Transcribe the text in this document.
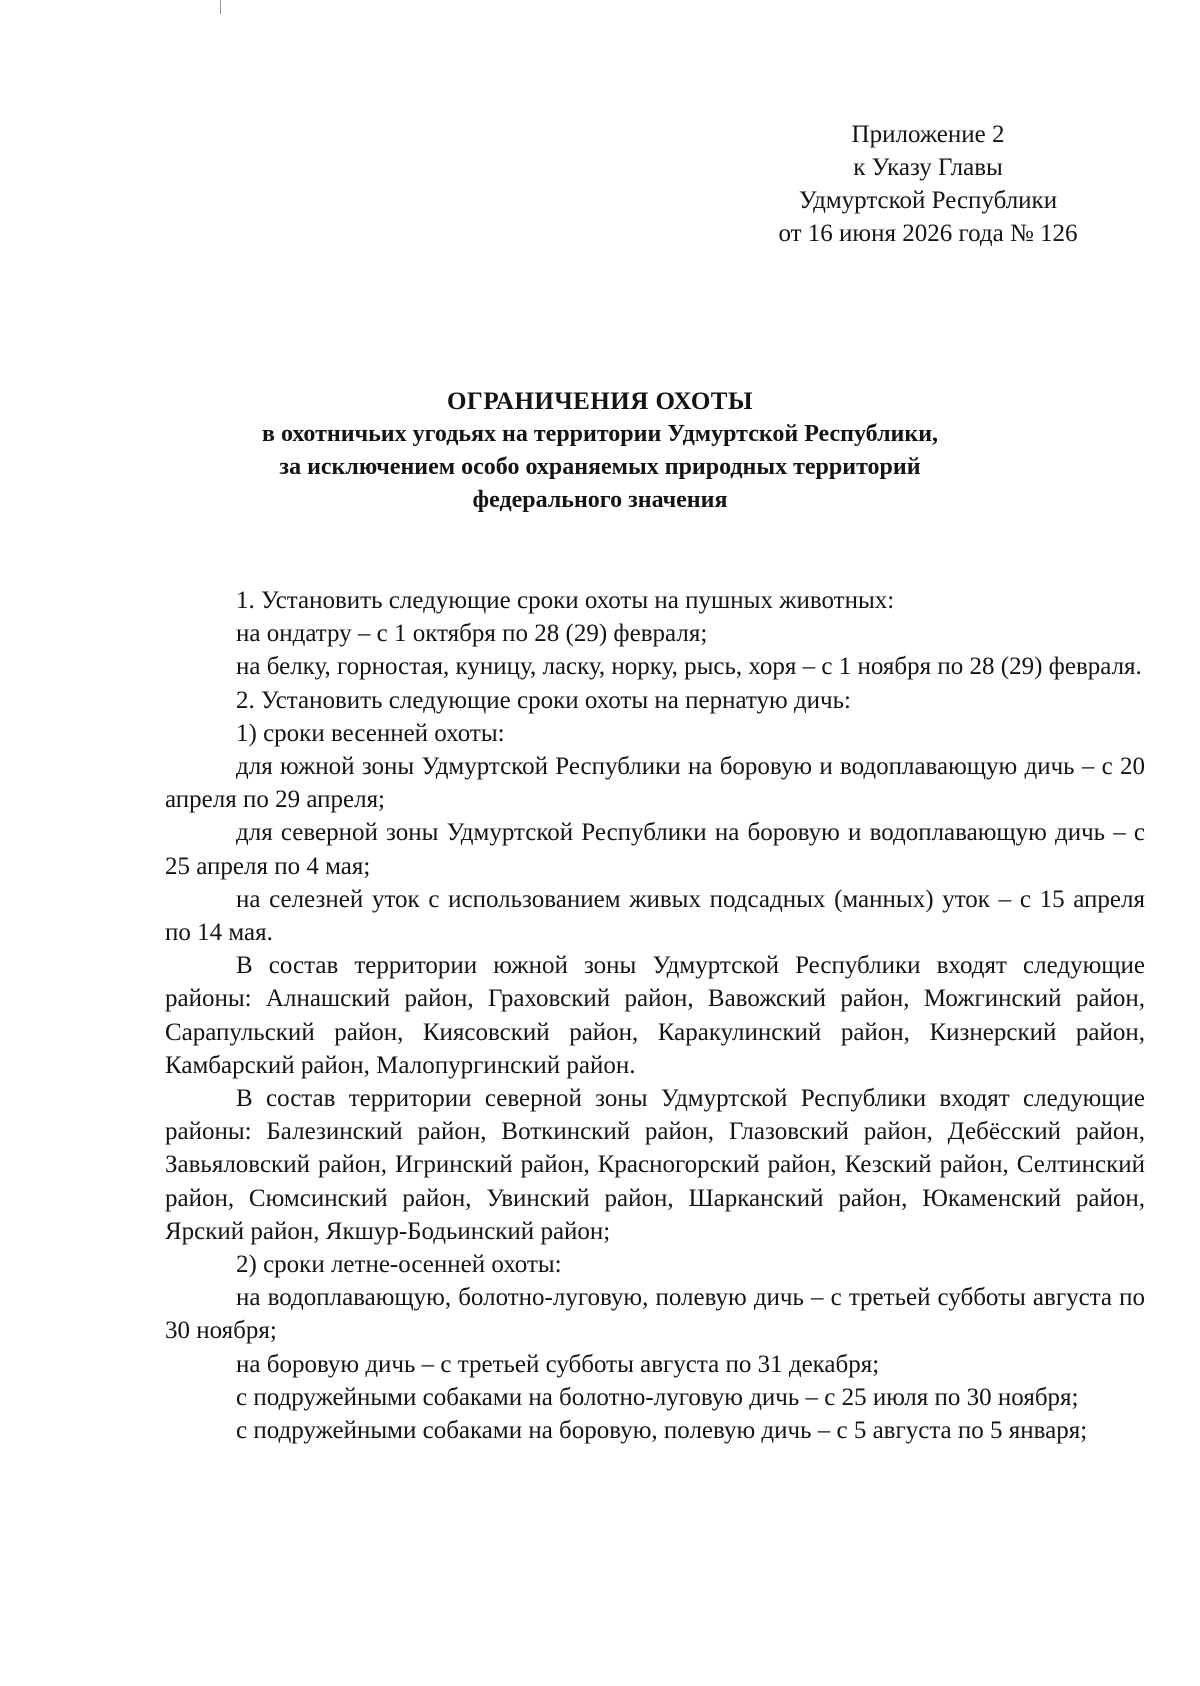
Приложение 2
к Указу Главы
Удмуртской Республики
от 16 июня 2026 года № 126
ОГРАНИЧЕНИЯ ОХОТЫ
в охотничьих угодьях на территории Удмуртской Республики,
за исключением особо охраняемых природных территорий
федерального значения

1. Установить следующие сроки охоты на пушных животных:

на ондатру – с 1 октября по 28 (29) февраля;

на белку, горностая, куницу, ласку, норку, рысь, хоря – с 1 ноября по 28 (29) февраля.

2. Установить следующие сроки охоты на пернатую дичь:

1) сроки весенней охоты:

для южной зоны Удмуртской Республики на боровую и водоплавающую дичь – с 20 апреля по 29 апреля;

для северной зоны Удмуртской Республики на боровую и водоплавающую дичь – с 25 апреля по 4 мая;

на селезней уток с использованием живых подсадных (манных) уток – с 15 апреля по 14 мая.

В состав территории южной зоны Удмуртской Республики входят следующие районы: Алнашский район, Граховский район, Вавожский район, Можгинский район, Сарапульский район, Киясовский район, Каракулинский район, Кизнерский район, Камбарский район, Малопургинский район.

В состав территории северной зоны Удмуртской Республики входят следующие районы: Балезинский район, Воткинский район, Глазовский район, Дебёсский район, Завьяловский район, Игринский район, Красногорский район, Кезский район, Селтинский район, Сюмсинский район, Увинский район, Шарканский район, Юкаменский район, Ярский район, Якшур-Бодьинский район;

2) сроки летне-осенней охоты:

на водоплавающую, болотно-луговую, полевую дичь – с третьей субботы августа по 30 ноября;

на боровую дичь – с третьей субботы августа по 31 декабря;

с подружейными собаками на болотно-луговую дичь – с 25 июля по 30 ноября;

с подружейными собаками на боровую, полевую дичь – с 5 августа по 5 января;
